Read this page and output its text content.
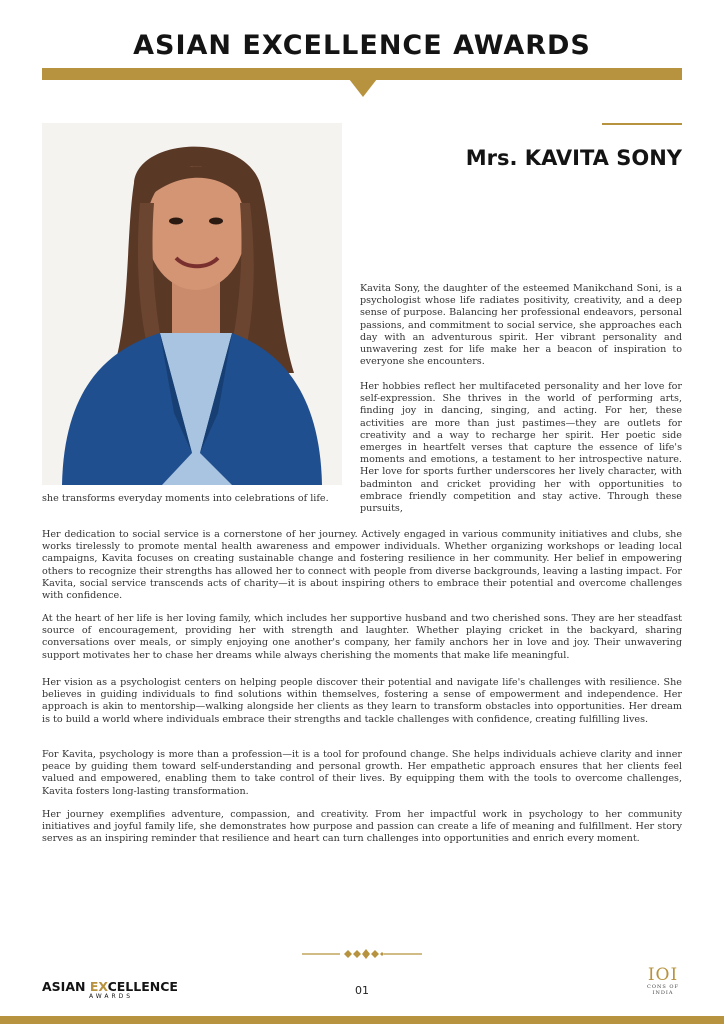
ASIAN EXCELLENCE AWARDS
Mrs. KAVITA SONY

Kavita Sony, the daughter of the esteemed Manikchand Soni, is a psychologist whose life radiates positivity, creativity, and a deep sense of purpose. Balancing her professional endeavors, personal passions, and commitment to social service, she approaches each day with an adventurous spirit. Her vibrant personality and unwavering zest for life make her a beacon of inspiration to everyone she encounters.

Her hobbies reflect her multifaceted personality and her love for self-expression. She thrives in the world of performing arts, finding joy in dancing, singing, and acting. For her, these activities are more than just pastimes—they are outlets for creativity and a way to recharge her spirit. Her poetic side emerges in heartfelt verses that capture the essence of life's moments and emotions, a testament to her introspective nature. Her love for sports further underscores her lively character, with badminton and cricket providing her with opportunities to embrace friendly competition and stay active. Through these pursuits,

she transforms everyday moments into celebrations of life.

Her dedication to social service is a cornerstone of her journey. Actively engaged in various community initiatives and clubs, she works tirelessly to promote mental health awareness and empower individuals. Whether organizing workshops or leading local campaigns, Kavita focuses on creating sustainable change and fostering resilience in her community. Her belief in empowering others to recognize their strengths has allowed her to connect with people from diverse backgrounds, leaving a lasting impact. For Kavita, social service transcends acts of charity—it is about inspiring others to embrace their potential and overcome challenges with confidence.

At the heart of her life is her loving family, which includes her supportive husband and two cherished sons. They are her steadfast source of encouragement, providing her with strength and laughter. Whether playing cricket in the backyard, sharing conversations over meals, or simply enjoying one another's company, her family anchors her in love and joy. Their unwavering support motivates her to chase her dreams while always cherishing the moments that make life meaningful.

Her vision as a psychologist centers on helping people discover their potential and navigate life's challenges with resilience. She believes in guiding individuals to find solutions within themselves, fostering a sense of empowerment and independence. Her approach is akin to mentorship—walking alongside her clients as they learn to transform obstacles into opportunities. Her dream is to build a world where individuals embrace their strengths and tackle challenges with confidence, creating fulfilling lives.

For Kavita, psychology is more than a profession—it is a tool for profound change. She helps individuals achieve clarity and inner peace by guiding them toward self-understanding and personal growth. Her empathetic approach ensures that her clients feel valued and empowered, enabling them to take control of their lives. By equipping them with the tools to overcome challenges, Kavita fosters long-lasting transformation.

Her journey exemplifies adventure, compassion, and creativity. From her impactful work in psychology to her community initiatives and joyful family life, she demonstrates how purpose and passion can create a life of meaning and fulfillment. Her story serves as an inspiring reminder that resilience and heart can turn challenges into opportunities and enrich every moment.

ASIAN EXCELLENCE
AWARDS	01
IOI
CONS OF
INDIA
